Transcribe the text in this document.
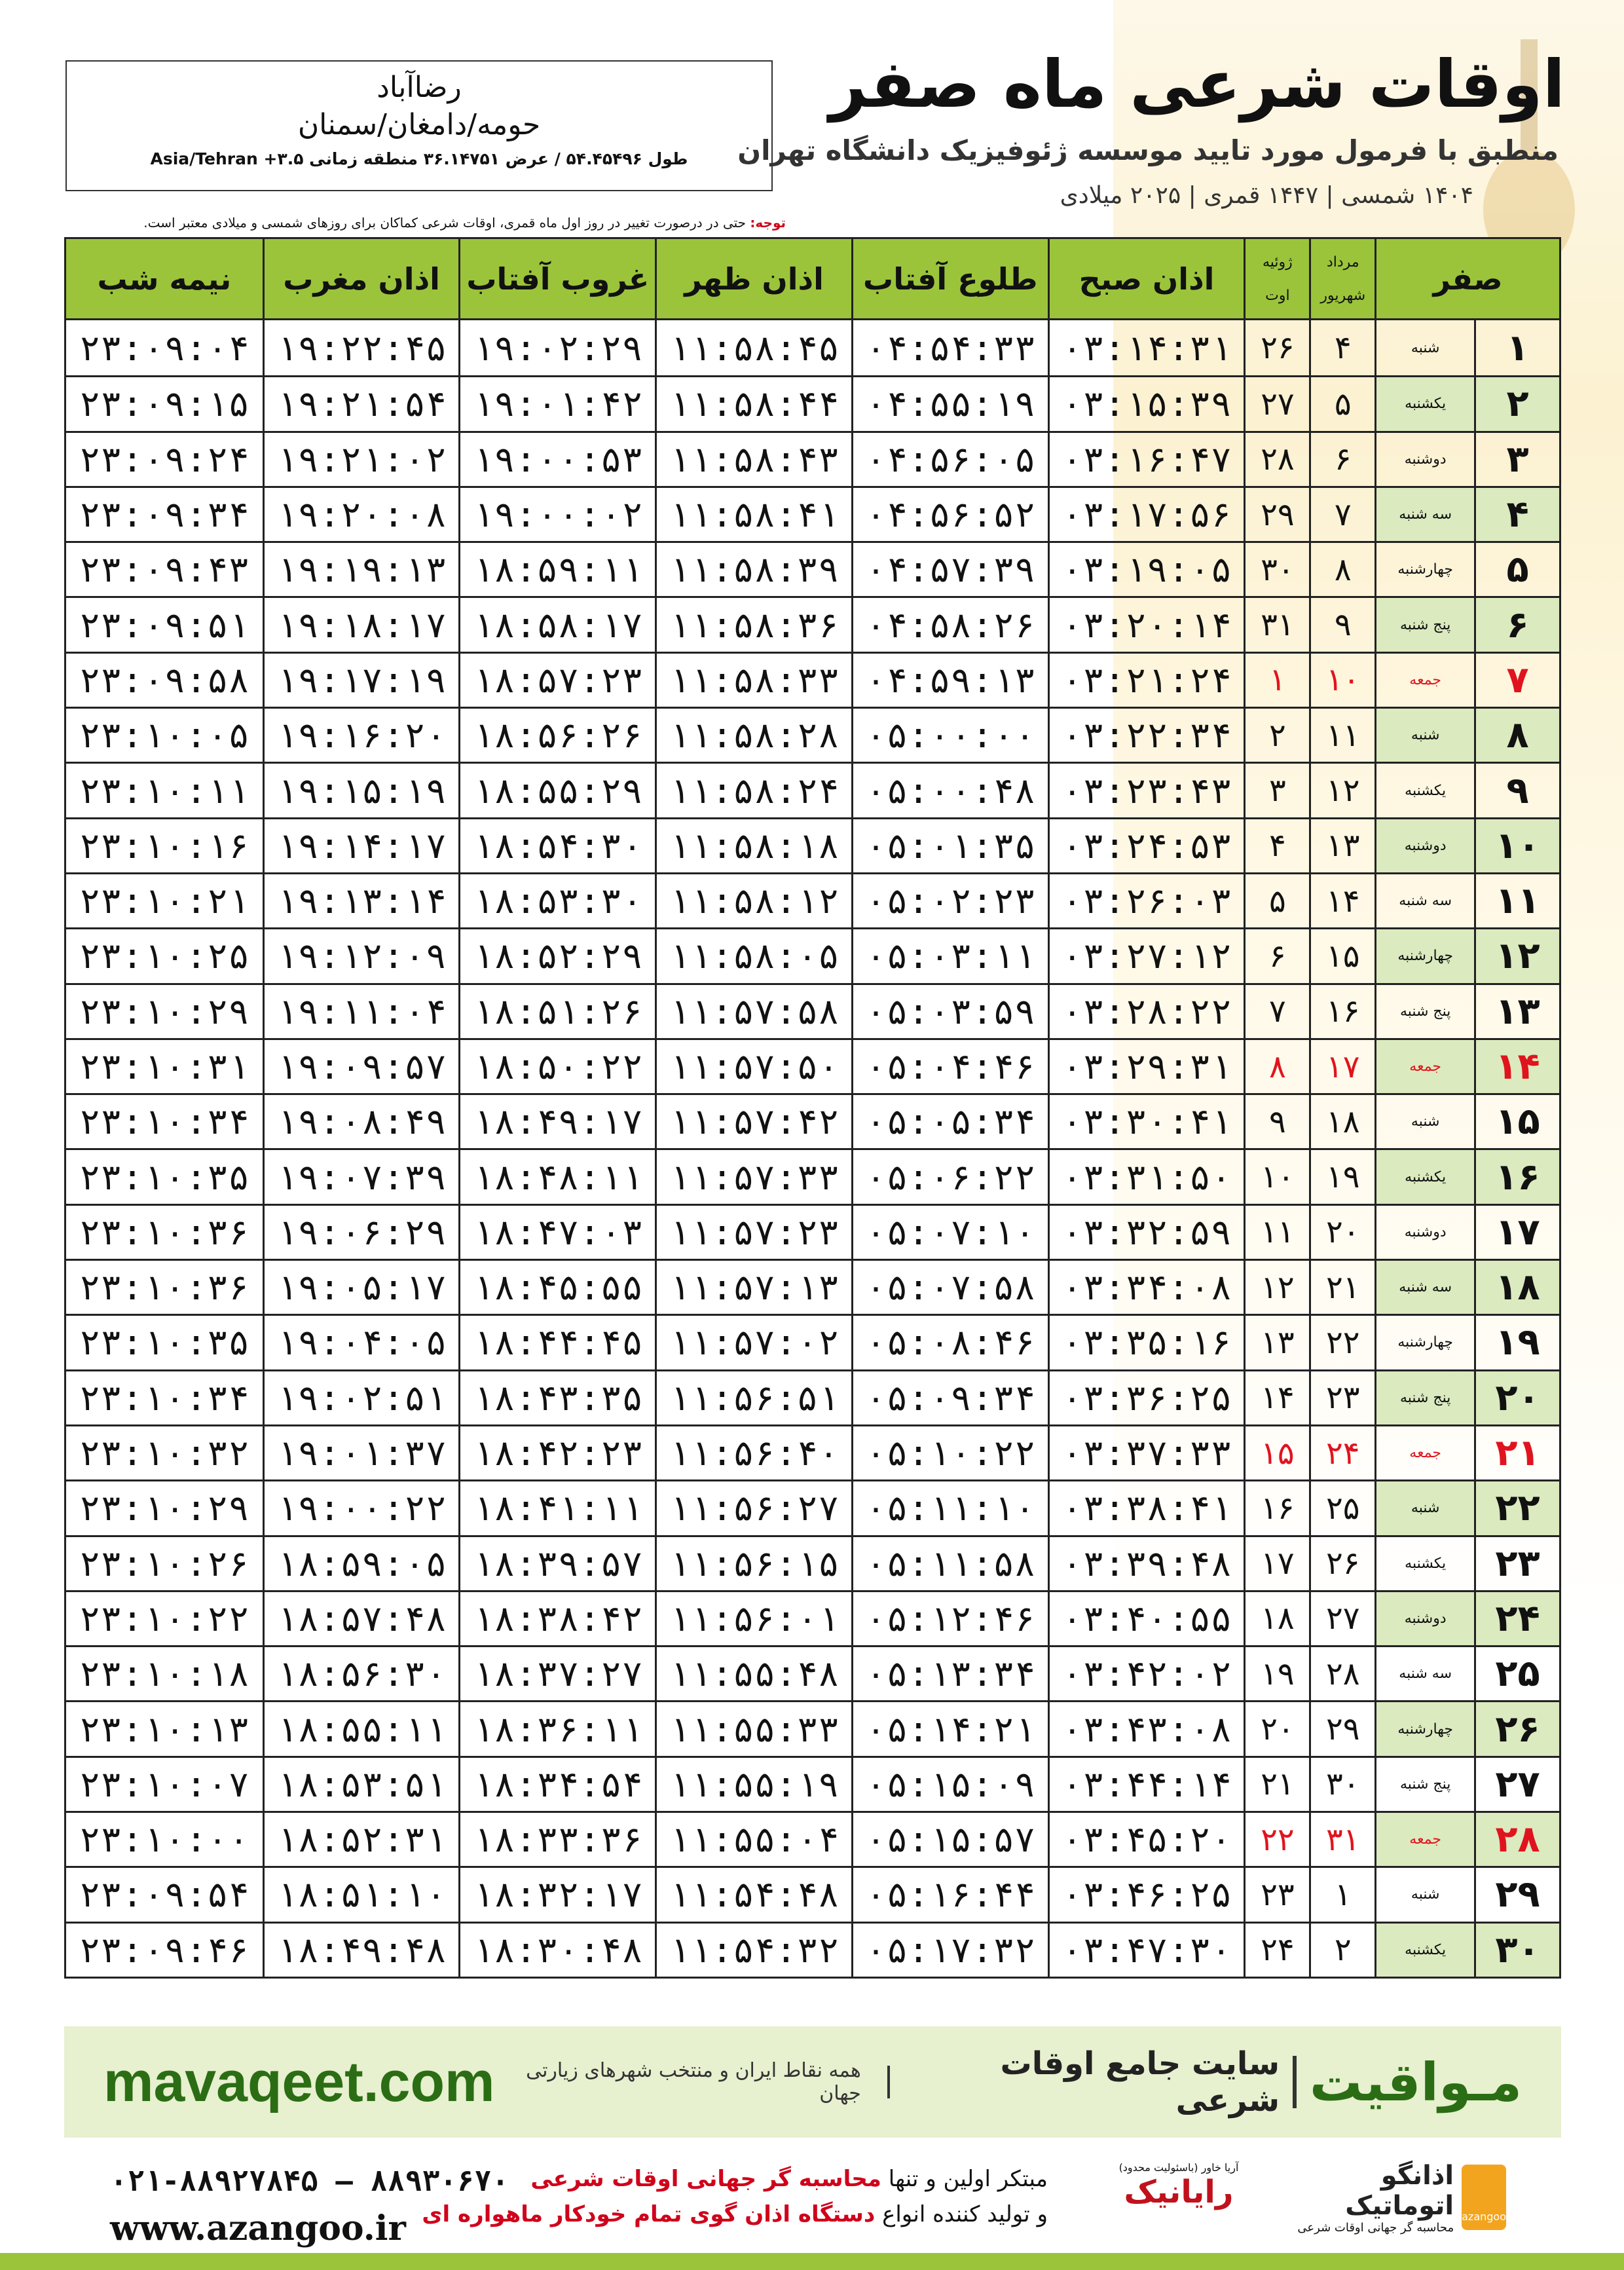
رضاآباد
حومه/دامغان/سمنان
طول ۵۴.۴۵۴۹۶ / عرض ۳۶.۱۴۷۵۱ منطقه زمانی ۳.۵+ Asia/Tehran
اوقات شرعی ماه صفر
منطبق با فرمول مورد تایید موسسه ژئوفیزیک دانشگاه تهران
۱۴۰۴ شمسی | ۱۴۴۷ قمری | ۲۰۲۵ میلادی
توجه: حتی در درصورت تغییر در روز اول ماه قمری، اوقات شرعی کماکان برای روزهای شمسی و میلادی معتبر است.
صفر
مرداد
شهریور
ژوئیه
اوت
اذان صبح
طلوع آفتاب
اذان ظهر
غروب آفتاب
اذان مغرب
نیمه شب
۱
شنبه
۴
۲۶
۰۳:۱۴:۳۱
۰۴:۵۴:۳۳
۱۱:۵۸:۴۵
۱۹:۰۲:۲۹
۱۹:۲۲:۴۵
۲۳:۰۹:۰۴
۲
یکشنبه
۵
۲۷
۰۳:۱۵:۳۹
۰۴:۵۵:۱۹
۱۱:۵۸:۴۴
۱۹:۰۱:۴۲
۱۹:۲۱:۵۴
۲۳:۰۹:۱۵
۳
دوشنبه
۶
۲۸
۰۳:۱۶:۴۷
۰۴:۵۶:۰۵
۱۱:۵۸:۴۳
۱۹:۰۰:۵۳
۱۹:۲۱:۰۲
۲۳:۰۹:۲۴
۴
سه شنبه
۷
۲۹
۰۳:۱۷:۵۶
۰۴:۵۶:۵۲
۱۱:۵۸:۴۱
۱۹:۰۰:۰۲
۱۹:۲۰:۰۸
۲۳:۰۹:۳۴
۵
چهارشنبه
۸
۳۰
۰۳:۱۹:۰۵
۰۴:۵۷:۳۹
۱۱:۵۸:۳۹
۱۸:۵۹:۱۱
۱۹:۱۹:۱۳
۲۳:۰۹:۴۳
۶
پنج شنبه
۹
۳۱
۰۳:۲۰:۱۴
۰۴:۵۸:۲۶
۱۱:۵۸:۳۶
۱۸:۵۸:۱۷
۱۹:۱۸:۱۷
۲۳:۰۹:۵۱
۷
جمعه
۱۰
۱
۰۳:۲۱:۲۴
۰۴:۵۹:۱۳
۱۱:۵۸:۳۳
۱۸:۵۷:۲۳
۱۹:۱۷:۱۹
۲۳:۰۹:۵۸
۸
شنبه
۱۱
۲
۰۳:۲۲:۳۴
۰۵:۰۰:۰۰
۱۱:۵۸:۲۸
۱۸:۵۶:۲۶
۱۹:۱۶:۲۰
۲۳:۱۰:۰۵
۹
یکشنبه
۱۲
۳
۰۳:۲۳:۴۳
۰۵:۰۰:۴۸
۱۱:۵۸:۲۴
۱۸:۵۵:۲۹
۱۹:۱۵:۱۹
۲۳:۱۰:۱۱
۱۰
دوشنبه
۱۳
۴
۰۳:۲۴:۵۳
۰۵:۰۱:۳۵
۱۱:۵۸:۱۸
۱۸:۵۴:۳۰
۱۹:۱۴:۱۷
۲۳:۱۰:۱۶
۱۱
سه شنبه
۱۴
۵
۰۳:۲۶:۰۳
۰۵:۰۲:۲۳
۱۱:۵۸:۱۲
۱۸:۵۳:۳۰
۱۹:۱۳:۱۴
۲۳:۱۰:۲۱
۱۲
چهارشنبه
۱۵
۶
۰۳:۲۷:۱۲
۰۵:۰۳:۱۱
۱۱:۵۸:۰۵
۱۸:۵۲:۲۹
۱۹:۱۲:۰۹
۲۳:۱۰:۲۵
۱۳
پنج شنبه
۱۶
۷
۰۳:۲۸:۲۲
۰۵:۰۳:۵۹
۱۱:۵۷:۵۸
۱۸:۵۱:۲۶
۱۹:۱۱:۰۴
۲۳:۱۰:۲۹
۱۴
جمعه
۱۷
۸
۰۳:۲۹:۳۱
۰۵:۰۴:۴۶
۱۱:۵۷:۵۰
۱۸:۵۰:۲۲
۱۹:۰۹:۵۷
۲۳:۱۰:۳۱
۱۵
شنبه
۱۸
۹
۰۳:۳۰:۴۱
۰۵:۰۵:۳۴
۱۱:۵۷:۴۲
۱۸:۴۹:۱۷
۱۹:۰۸:۴۹
۲۳:۱۰:۳۴
۱۶
یکشنبه
۱۹
۱۰
۰۳:۳۱:۵۰
۰۵:۰۶:۲۲
۱۱:۵۷:۳۳
۱۸:۴۸:۱۱
۱۹:۰۷:۳۹
۲۳:۱۰:۳۵
۱۷
دوشنبه
۲۰
۱۱
۰۳:۳۲:۵۹
۰۵:۰۷:۱۰
۱۱:۵۷:۲۳
۱۸:۴۷:۰۳
۱۹:۰۶:۲۹
۲۳:۱۰:۳۶
۱۸
سه شنبه
۲۱
۱۲
۰۳:۳۴:۰۸
۰۵:۰۷:۵۸
۱۱:۵۷:۱۳
۱۸:۴۵:۵۵
۱۹:۰۵:۱۷
۲۳:۱۰:۳۶
۱۹
چهارشنبه
۲۲
۱۳
۰۳:۳۵:۱۶
۰۵:۰۸:۴۶
۱۱:۵۷:۰۲
۱۸:۴۴:۴۵
۱۹:۰۴:۰۵
۲۳:۱۰:۳۵
۲۰
پنج شنبه
۲۳
۱۴
۰۳:۳۶:۲۵
۰۵:۰۹:۳۴
۱۱:۵۶:۵۱
۱۸:۴۳:۳۵
۱۹:۰۲:۵۱
۲۳:۱۰:۳۴
۲۱
جمعه
۲۴
۱۵
۰۳:۳۷:۳۳
۰۵:۱۰:۲۲
۱۱:۵۶:۴۰
۱۸:۴۲:۲۳
۱۹:۰۱:۳۷
۲۳:۱۰:۳۲
۲۲
شنبه
۲۵
۱۶
۰۳:۳۸:۴۱
۰۵:۱۱:۱۰
۱۱:۵۶:۲۷
۱۸:۴۱:۱۱
۱۹:۰۰:۲۲
۲۳:۱۰:۲۹
۲۳
یکشنبه
۲۶
۱۷
۰۳:۳۹:۴۸
۰۵:۱۱:۵۸
۱۱:۵۶:۱۵
۱۸:۳۹:۵۷
۱۸:۵۹:۰۵
۲۳:۱۰:۲۶
۲۴
دوشنبه
۲۷
۱۸
۰۳:۴۰:۵۵
۰۵:۱۲:۴۶
۱۱:۵۶:۰۱
۱۸:۳۸:۴۲
۱۸:۵۷:۴۸
۲۳:۱۰:۲۲
۲۵
سه شنبه
۲۸
۱۹
۰۳:۴۲:۰۲
۰۵:۱۳:۳۴
۱۱:۵۵:۴۸
۱۸:۳۷:۲۷
۱۸:۵۶:۳۰
۲۳:۱۰:۱۸
۲۶
چهارشنبه
۲۹
۲۰
۰۳:۴۳:۰۸
۰۵:۱۴:۲۱
۱۱:۵۵:۳۳
۱۸:۳۶:۱۱
۱۸:۵۵:۱۱
۲۳:۱۰:۱۳
۲۷
پنج شنبه
۳۰
۲۱
۰۳:۴۴:۱۴
۰۵:۱۵:۰۹
۱۱:۵۵:۱۹
۱۸:۳۴:۵۴
۱۸:۵۳:۵۱
۲۳:۱۰:۰۷
۲۸
جمعه
۳۱
۲۲
۰۳:۴۵:۲۰
۰۵:۱۵:۵۷
۱۱:۵۵:۰۴
۱۸:۳۳:۳۶
۱۸:۵۲:۳۱
۲۳:۱۰:۰۰
۲۹
شنبه
۱
۲۳
۰۳:۴۶:۲۵
۰۵:۱۶:۴۴
۱۱:۵۴:۴۸
۱۸:۳۲:۱۷
۱۸:۵۱:۱۰
۲۳:۰۹:۵۴
۳۰
یکشنبه
۲
۲۴
۰۳:۴۷:۳۰
۰۵:۱۷:۳۲
۱۱:۵۴:۳۲
۱۸:۳۰:۴۸
۱۸:۴۹:۴۸
۲۳:۰۹:۴۶
mavaqeet.com	مـواقیت
سایت جامع اوقات شرعی
همه نقاط ایران و منتخب شهرهای زیارتی جهان
۰۲۱-۸۸۹۲۷۸۴۵ – ۸۸۹۳۰۶۷۰
www.azangoo.ir
مبتکر اولین و تنها محاسبه گر جهانی اوقات شرعی
و تولید کننده انواع دستگاه اذان گوی تمام خودکار ماهواره ای
آریا خاور (باسئولیت محدود)
رایانیک
azangoo
اذانگو اتوماتیک
محاسبه گر جهانی اوقات شرعی
